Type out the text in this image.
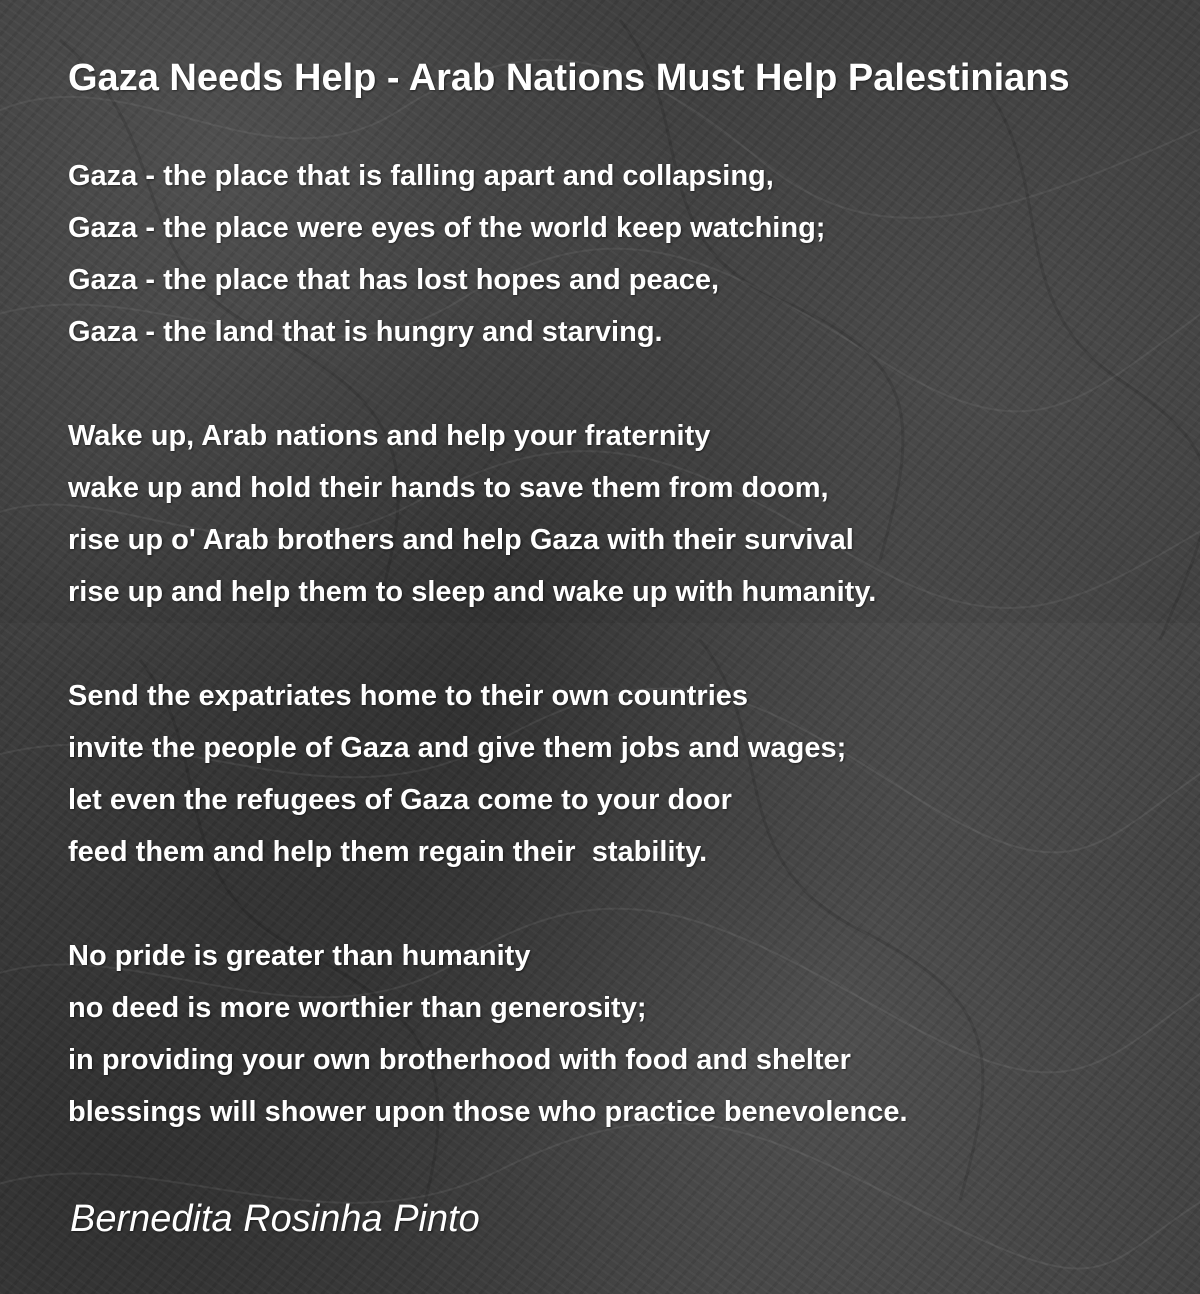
Gaza Needs Help - Arab Nations Must Help Palestinians
Gaza - the place that is falling apart and collapsing,
Gaza - the place were eyes of the world keep watching;
Gaza - the place that has lost hopes and peace,
Gaza - the land that is hungry and starving.
Wake up, Arab nations and help your fraternity
wake up and hold their hands to save them from doom,
rise up o' Arab brothers and help Gaza with their survival
rise up and help them to sleep and wake up with humanity.
Send the expatriates home to their own countries
invite the people of Gaza and give them jobs and wages;
let even the refugees of Gaza come to your door
feed them and help them regain their  stability.
No pride is greater than humanity
no deed is more worthier than generosity;
in providing your own brotherhood with food and shelter
blessings will shower upon those who practice benevolence.

Bernedita Rosinha Pinto
